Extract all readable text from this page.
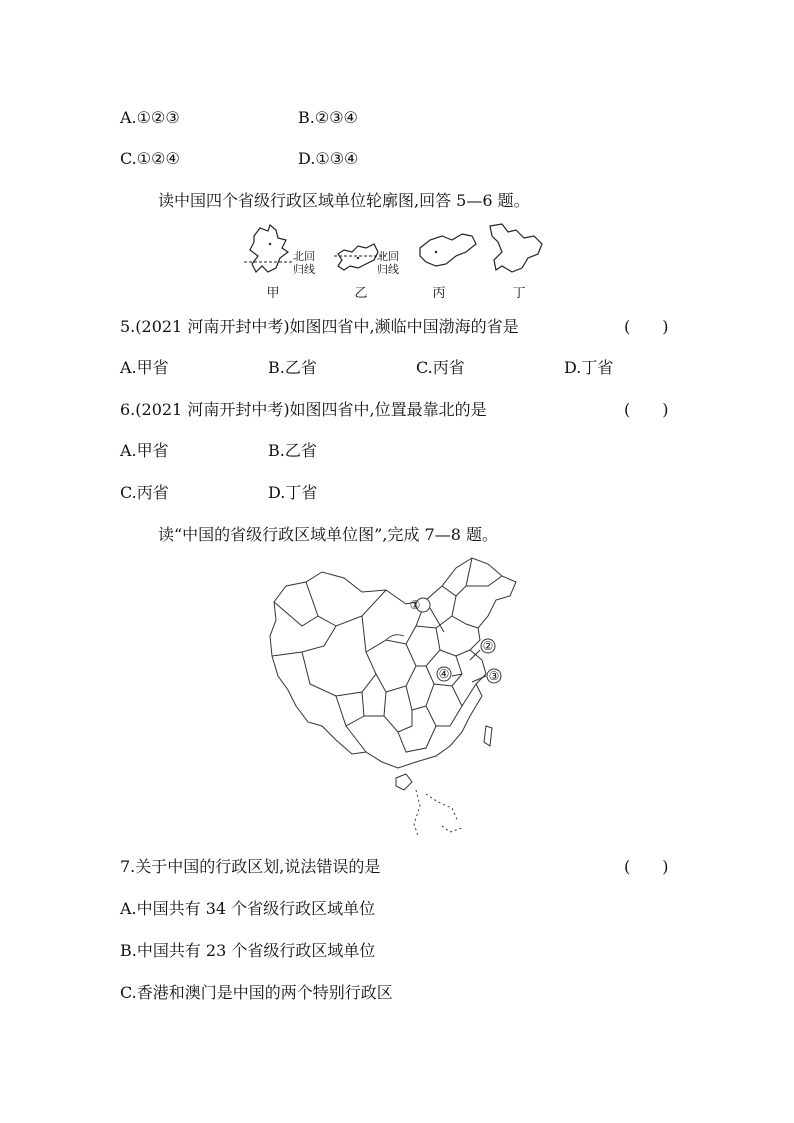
A.①②③	B.②③④
C.①②④	D.①③④
读中国四个省级行政区域单位轮廓图,回答 5—6 题。
北回
归线
北回
归线
甲	乙	丙	丁
5.(2021 河南开封中考)如图四省中,濒临中国渤海的省是	(　　)
A.甲省	B.乙省	C.丙省	D.丁省
6.(2021 河南开封中考)如图四省中,位置最靠北的是	(　　)
A.甲省	B.乙省
C.丙省	D.丁省
读“中国的省级行政区域单位图”,完成 7—8 题。
①
②
③
④
7.关于中国的行政区划,说法错误的是	(　　)
A.中国共有 34 个省级行政区域单位
B.中国共有 23 个省级行政区域单位
C.香港和澳门是中国的两个特别行政区
